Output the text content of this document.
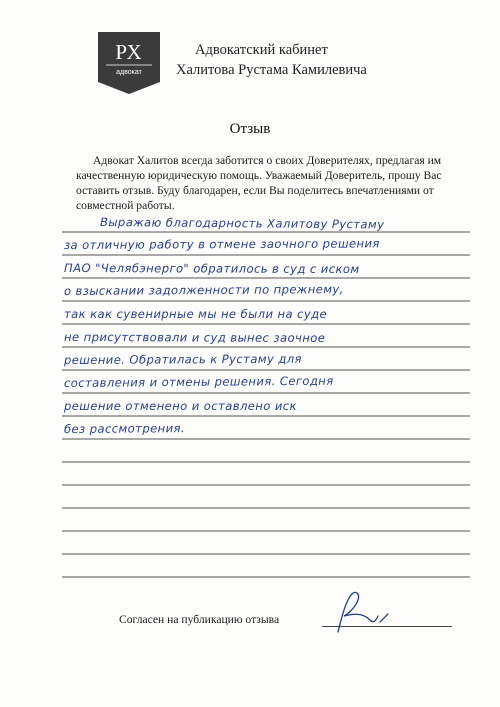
РХ
адвокат
Адвокатский кабинет
Халитова Рустама Камилевича
Отзыв
Адвокат Халитов всегда заботится о своих Доверителях, предлагая им
качественную юридическую помощь. Уважаемый Доверитель, прошу Вас
оставить отзыв. Буду благодарен, если Вы поделитесь впечатлениями от
совместной работы.
Выражаю благодарность Халитову Рустаму
за отличную работу в отмене заочного решения
ПАО "Челябэнерго" обратилось в суд с иском
о взыскании задолженности по прежнему,
так как сувенирные мы не были на суде
не присутствовали и суд вынес заочное
решение. Обратилась к Рустаму для
составления и отмены решения. Сегодня
решение отменено и оставлено иск
без рассмотрения.
Согласен на публикацию отзыва
